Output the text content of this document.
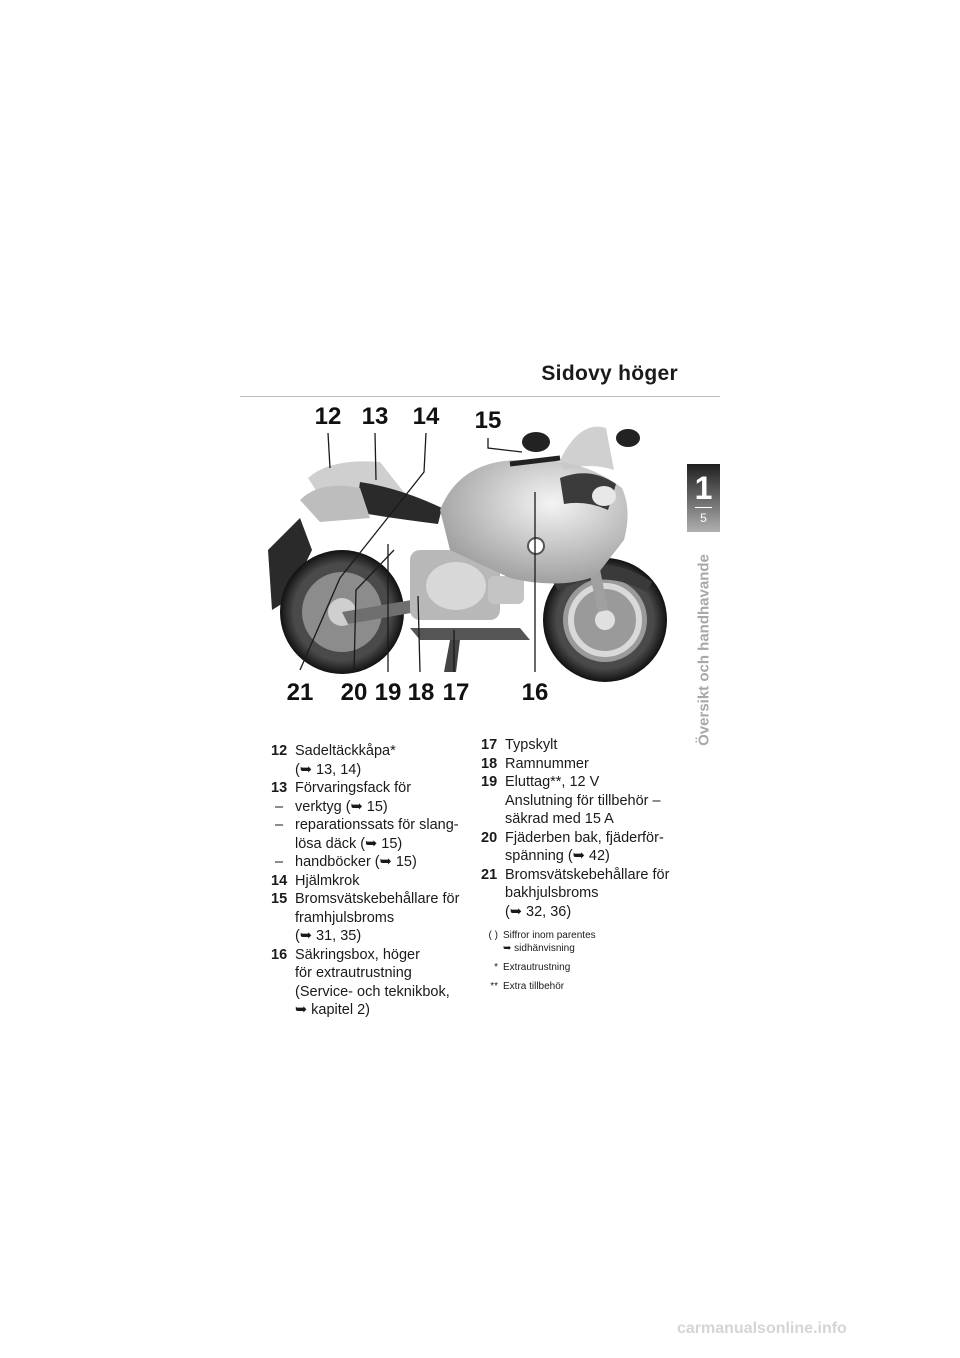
Sidovy höger
1
5
Översikt och handhavande
12 13 14 15
21 20 19 18 17 16
12 Sadeltäckkåpa*
(➥ 13, 14)
13 Förvaringsfack för
– verktyg (➥ 15)
– reparationssats för slang-
lösa däck (➥ 15)
– handböcker (➥ 15)
14 Hjälmkrok
15 Bromsvätskebehållare för
framhjulsbroms
(➥ 31, 35)
16 Säkringsbox, höger
för extrautrustning
(Service- och teknikbok,
➥ kapitel 2)
17 Typskylt
18 Ramnummer
19 Eluttag**, 12 V
Anslutning för tillbehör –
säkrad med 15 A
20 Fjäderben bak, fjäderför-
spänning (➥ 42)
21 Bromsvätskebehållare för
bakhjulsbroms
(➥ 32, 36)
( ) Siffror inom parentes
➥ sidhänvisning
* Extrautrustning
** Extra tillbehör
carmanualsonline.info
